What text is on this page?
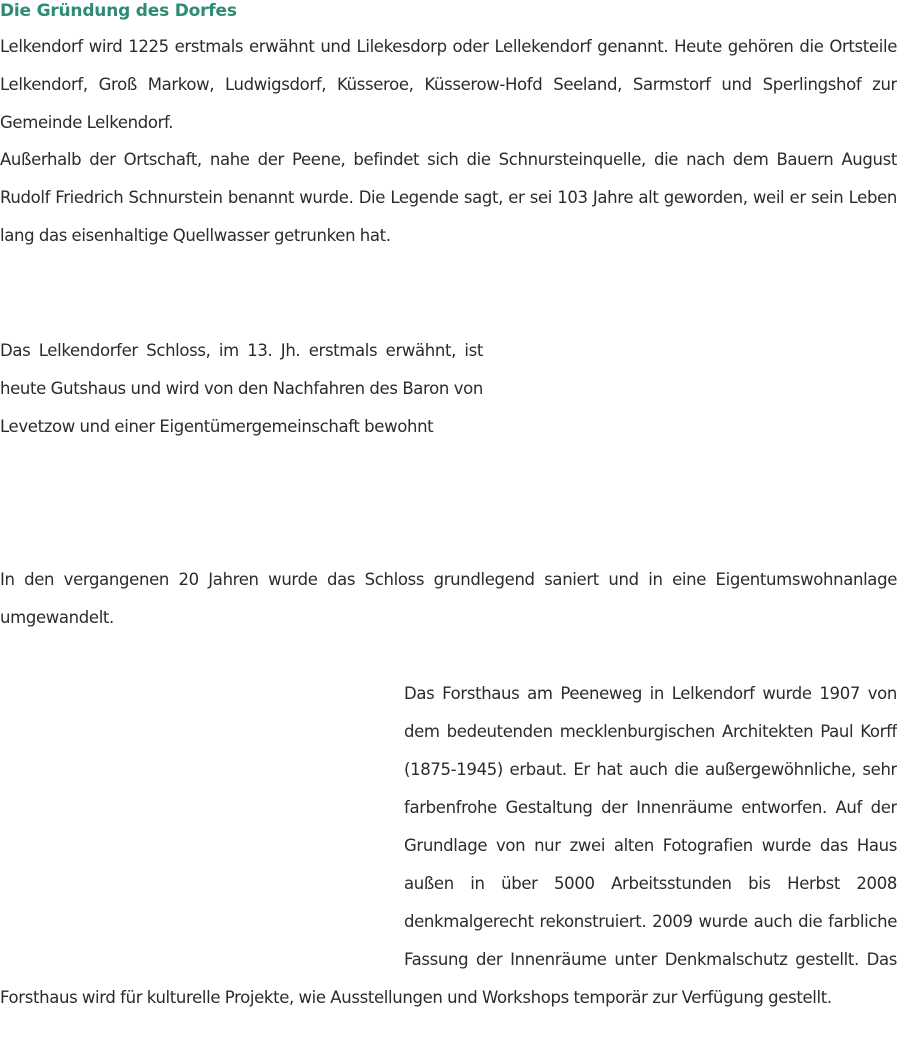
Die Gründung des Dorfes

Lelkendorf wird 1225 erstmals erwähnt und Lilekesdorp oder Lellekendorf genannt. Heute gehören die Ortsteile Lelkendorf, Groß Markow, Ludwigsdorf, Küsseroe, Küsserow-Hofd Seeland, Sarmstorf und Sperlingshof zur Gemeinde Lelkendorf.

Außerhalb der Ortschaft, nahe der Peene, befindet sich die Schnursteinquelle, die nach dem Bauern August Rudolf Friedrich Schnurstein benannt wurde. Die Legende sagt, er sei 103 Jahre alt geworden, weil er sein Leben lang das eisenhaltige Quellwasser getrunken hat.

Das Lelkendorfer Schloss, im 13. Jh. erstmals erwähnt, ist heute Gutshaus und wird von den Nachfahren des Baron von Levetzow und einer Eigentümergemeinschaft bewohnt

In den vergangenen 20 Jahren wurde das Schloss grundlegend saniert und in eine Eigentumswohnanlage umgewandelt.

Das Forsthaus am Peeneweg in Lelkendorf wurde 1907 von dem bedeutenden mecklenburgischen Architekten Paul Korff (1875-1945) erbaut. Er hat auch die außergewöhnliche, sehr farbenfrohe Gestaltung der Innenräume entworfen. Auf der Grundlage von nur zwei alten Fotografien wurde das Haus außen in über 5000 Arbeitsstunden bis Herbst 2008 denkmalgerecht rekonstruiert. 2009 wurde auch die farbliche Fassung der Innenräume unter Denkmalschutz gestellt. Das Forsthaus wird für kulturelle Projekte, wie Ausstellungen und Workshops temporär zur Verfügung gestellt.
